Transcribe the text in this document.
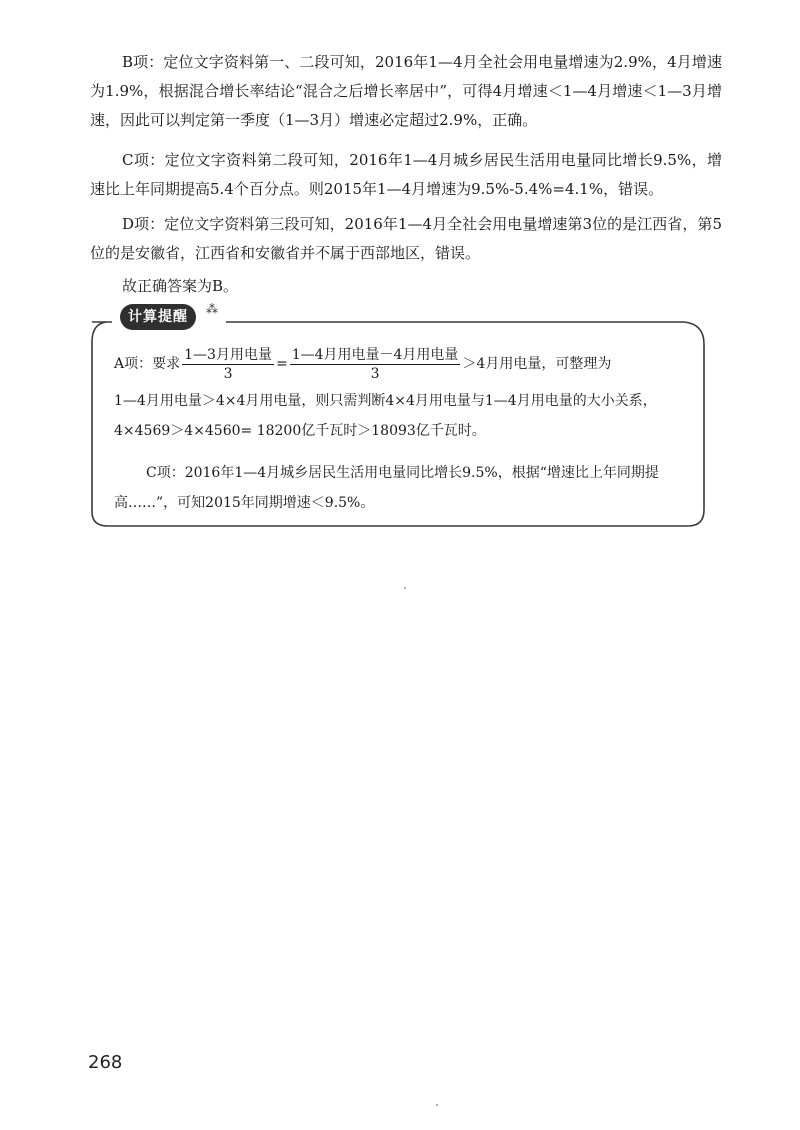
B项：定位文字资料第一、二段可知，2016年1—4月全社会用电量增速为2.9%，4月增速为1.9%，根据混合增长率结论“混合之后增长率居中”，可得4月增速＜1—4月增速＜1—3月增速，因此可以判定第一季度（1—3月）增速必定超过2.9%，正确。

C项：定位文字资料第二段可知，2016年1—4月城乡居民生活用电量同比增长9.5%，增速比上年同期提高5.4个百分点。则2015年1—4月增速为9.5%-5.4%=4.1%，错误。

D项：定位文字资料第三段可知，2016年1—4月全社会用电量增速第3位的是江西省，第5位的是安徽省，江西省和安徽省并不属于西部地区，错误。

故正确答案为B。

计算提醒	⁂
A项：要求 $\frac{\text{1—3月用电量}}{3} = \frac{\text{1—4月用电量－4月用电量}}{3} >4$月用电量，可整理为
1—4月用电量＞4×4月用电量，则只需判断4×4月用电量与1—4月用电量的大小关系，4×4569＞4×4560= 18200亿千瓦时＞18093亿千瓦时。

C项：2016年1—4月城乡居民生活用电量同比增长9.5%，根据“增速比上年同期提高……”，可知2015年同期增速＜9.5%。

268
